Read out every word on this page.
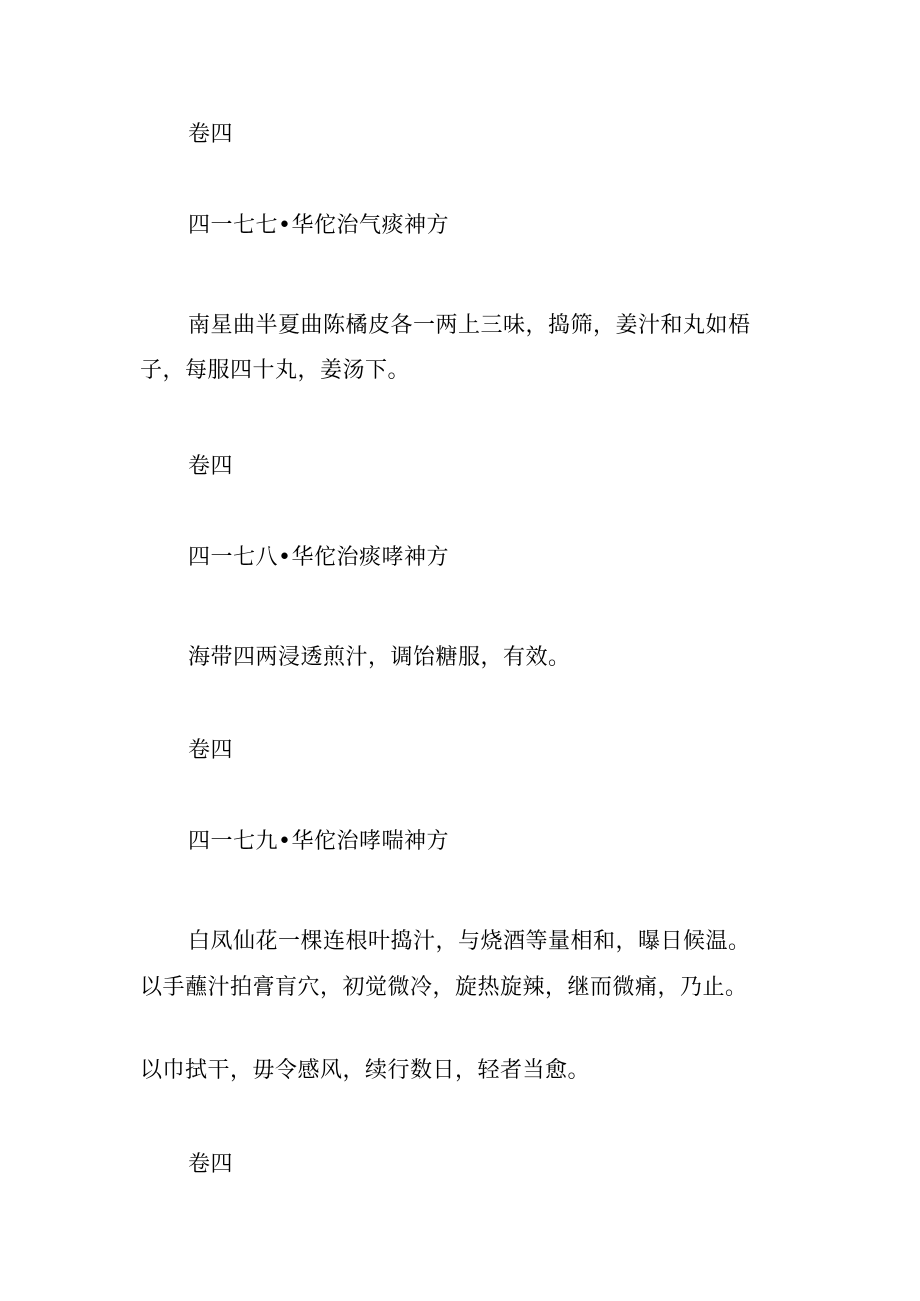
卷四
四一七七•华佗治气痰神方
南星曲半夏曲陈橘皮各一两上三味，捣筛，姜汁和丸如梧
子，每服四十丸，姜汤下。
卷四
四一七八•华佗治痰哮神方
海带四两浸透煎汁，调饴糖服，有效。
卷四
四一七九•华佗治哮喘神方
白凤仙花一棵连根叶捣汁，与烧酒等量相和，曝日候温。
以手蘸汁拍膏肓穴，初觉微冷，旋热旋辣，继而微痛，乃止。
以巾拭干，毋令感风，续行数日，轻者当愈。
卷四
